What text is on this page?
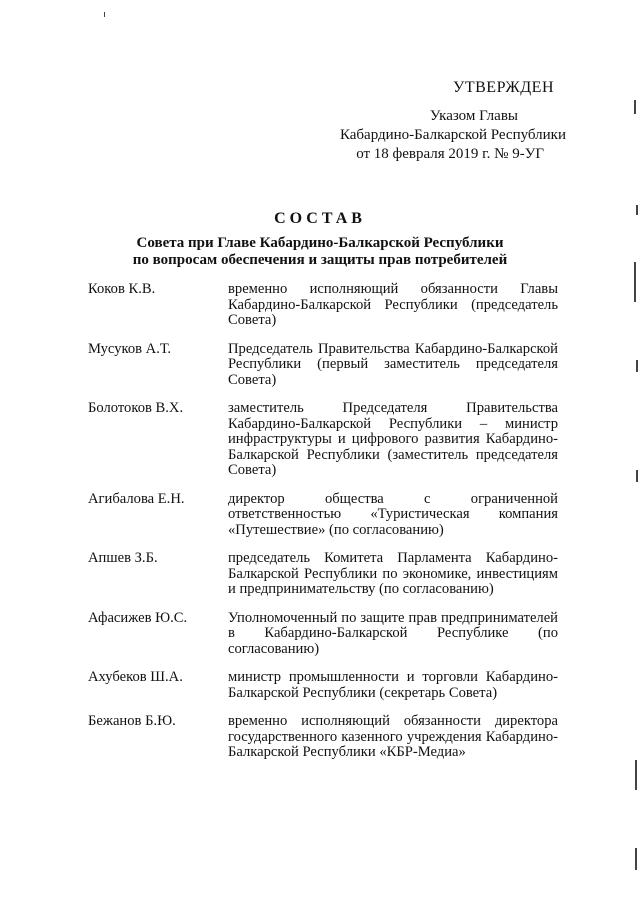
УТВЕРЖДЕН
Указом Главы
Кабардино-Балкарской Республики
от 18 февраля 2019 г. № 9-УГ
СОСТАВ
Совета при Главе Кабардино-Балкарской Республики
по вопросам обеспечения и защиты прав потребителей
Коков К.В.	временно исполняющий обязанности Главы Кабардино-Балкарской Республики (председатель Совета)
Мусуков А.Т.	Председатель Правительства Кабардино-Балкарской Республики (первый заместитель председателя Совета)
Болотоков В.Х.	заместитель Председателя Правительства Кабардино-Балкарской Республики – министр инфраструктуры и цифрового развития Кабардино-Балкарской Республики (заместитель председателя Совета)
Агибалова Е.Н.	директор общества с ограниченной ответственностью «Туристическая компания «Путешествие» (по согласованию)
Апшев З.Б.	председатель Комитета Парламента Кабардино-Балкарской Республики по экономике, инвестициям и предпринимательству (по согласованию)
Афасижев Ю.С.	Уполномоченный по защите прав предпринимателей в Кабардино-Балкарской Республике (по согласованию)
Ахубеков Ш.А.	министр промышленности и торговли Кабардино-Балкарской Республики (секретарь Совета)
Бежанов Б.Ю.	временно исполняющий обязанности директора государственного казенного учреждения Кабардино-Балкарской Республики «КБР-Медиа»
